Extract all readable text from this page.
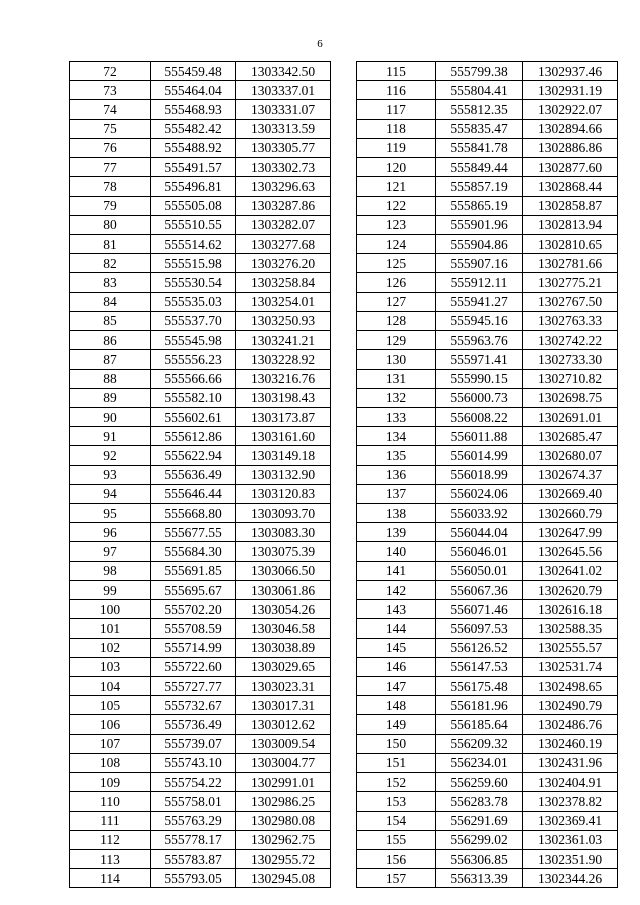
6
72	555459.48	1303342.50
73	555464.04	1303337.01
74	555468.93	1303331.07
75	555482.42	1303313.59
76	555488.92	1303305.77
77	555491.57	1303302.73
78	555496.81	1303296.63
79	555505.08	1303287.86
80	555510.55	1303282.07
81	555514.62	1303277.68
82	555515.98	1303276.20
83	555530.54	1303258.84
84	555535.03	1303254.01
85	555537.70	1303250.93
86	555545.98	1303241.21
87	555556.23	1303228.92
88	555566.66	1303216.76
89	555582.10	1303198.43
90	555602.61	1303173.87
91	555612.86	1303161.60
92	555622.94	1303149.18
93	555636.49	1303132.90
94	555646.44	1303120.83
95	555668.80	1303093.70
96	555677.55	1303083.30
97	555684.30	1303075.39
98	555691.85	1303066.50
99	555695.67	1303061.86
100	555702.20	1303054.26
101	555708.59	1303046.58
102	555714.99	1303038.89
103	555722.60	1303029.65
104	555727.77	1303023.31
105	555732.67	1303017.31
106	555736.49	1303012.62
107	555739.07	1303009.54
108	555743.10	1303004.77
109	555754.22	1302991.01
110	555758.01	1302986.25
111	555763.29	1302980.08
112	555778.17	1302962.75
113	555783.87	1302955.72
114	555793.05	1302945.08
115	555799.38	1302937.46
116	555804.41	1302931.19
117	555812.35	1302922.07
118	555835.47	1302894.66
119	555841.78	1302886.86
120	555849.44	1302877.60
121	555857.19	1302868.44
122	555865.19	1302858.87
123	555901.96	1302813.94
124	555904.86	1302810.65
125	555907.16	1302781.66
126	555912.11	1302775.21
127	555941.27	1302767.50
128	555945.16	1302763.33
129	555963.76	1302742.22
130	555971.41	1302733.30
131	555990.15	1302710.82
132	556000.73	1302698.75
133	556008.22	1302691.01
134	556011.88	1302685.47
135	556014.99	1302680.07
136	556018.99	1302674.37
137	556024.06	1302669.40
138	556033.92	1302660.79
139	556044.04	1302647.99
140	556046.01	1302645.56
141	556050.01	1302641.02
142	556067.36	1302620.79
143	556071.46	1302616.18
144	556097.53	1302588.35
145	556126.52	1302555.57
146	556147.53	1302531.74
147	556175.48	1302498.65
148	556181.96	1302490.79
149	556185.64	1302486.76
150	556209.32	1302460.19
151	556234.01	1302431.96
152	556259.60	1302404.91
153	556283.78	1302378.82
154	556291.69	1302369.41
155	556299.02	1302361.03
156	556306.85	1302351.90
157	556313.39	1302344.26
